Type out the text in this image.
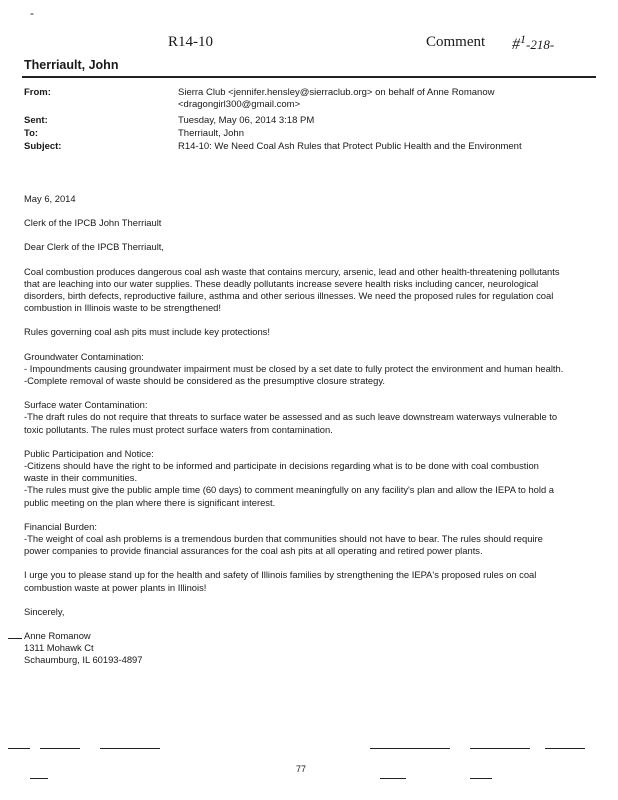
-
R14-10	Comment #$^1$-218-
Therriault, John
From:	Sierra Club <jennifer.hensley@sierraclub.org> on behalf of Anne Romanow <dragongirl300@gmail.com>
Sent:	Tuesday, May 06, 2014 3:18 PM
To:	Therriault, John
Subject:	R14-10: We Need Coal Ash Rules that Protect Public Health and the Environment

May 6, 2014

Clerk of the IPCB John Therriault

Dear Clerk of the IPCB Therriault,

Coal combustion produces dangerous coal ash waste that contains mercury, arsenic, lead and other health-threatening pollutants that are leaching into our water supplies. These deadly pollutants increase severe health risks including cancer, neurological disorders, birth defects, reproductive failure, asthma and other serious illnesses. We need the proposed rules for regulation coal combustion in Illinois waste to be strengthened!

Rules governing coal ash pits must include key protections!

Groundwater Contamination:

- Impoundments causing groundwater impairment must be closed by a set date to fully protect the environment and human health.

-Complete removal of waste should be considered as the presumptive closure strategy.

Surface water Contamination:

-The draft rules do not require that threats to surface water be assessed and as such leave downstream waterways vulnerable to toxic pollutants. The rules must protect surface waters from contamination.

Public Participation and Notice:

-Citizens should have the right to be informed and participate in decisions regarding what is to be done with coal combustion waste in their communities.

-The rules must give the public ample time (60 days) to comment meaningfully on any facility's plan and allow the IEPA to hold a public meeting on the plan where there is significant interest.

Financial Burden:

-The weight of coal ash problems is a tremendous burden that communities should not have to bear. The rules should require power companies to provide financial assurances for the coal ash pits at all operating and retired power plants.

I urge you to please stand up for the health and safety of Illinois families by strengthening the IEPA's proposed rules on coal combustion waste at power plants in Illinois!

Sincerely,

Anne Romanow

1311 Mohawk Ct

Schaumburg, IL 60193-4897

77
